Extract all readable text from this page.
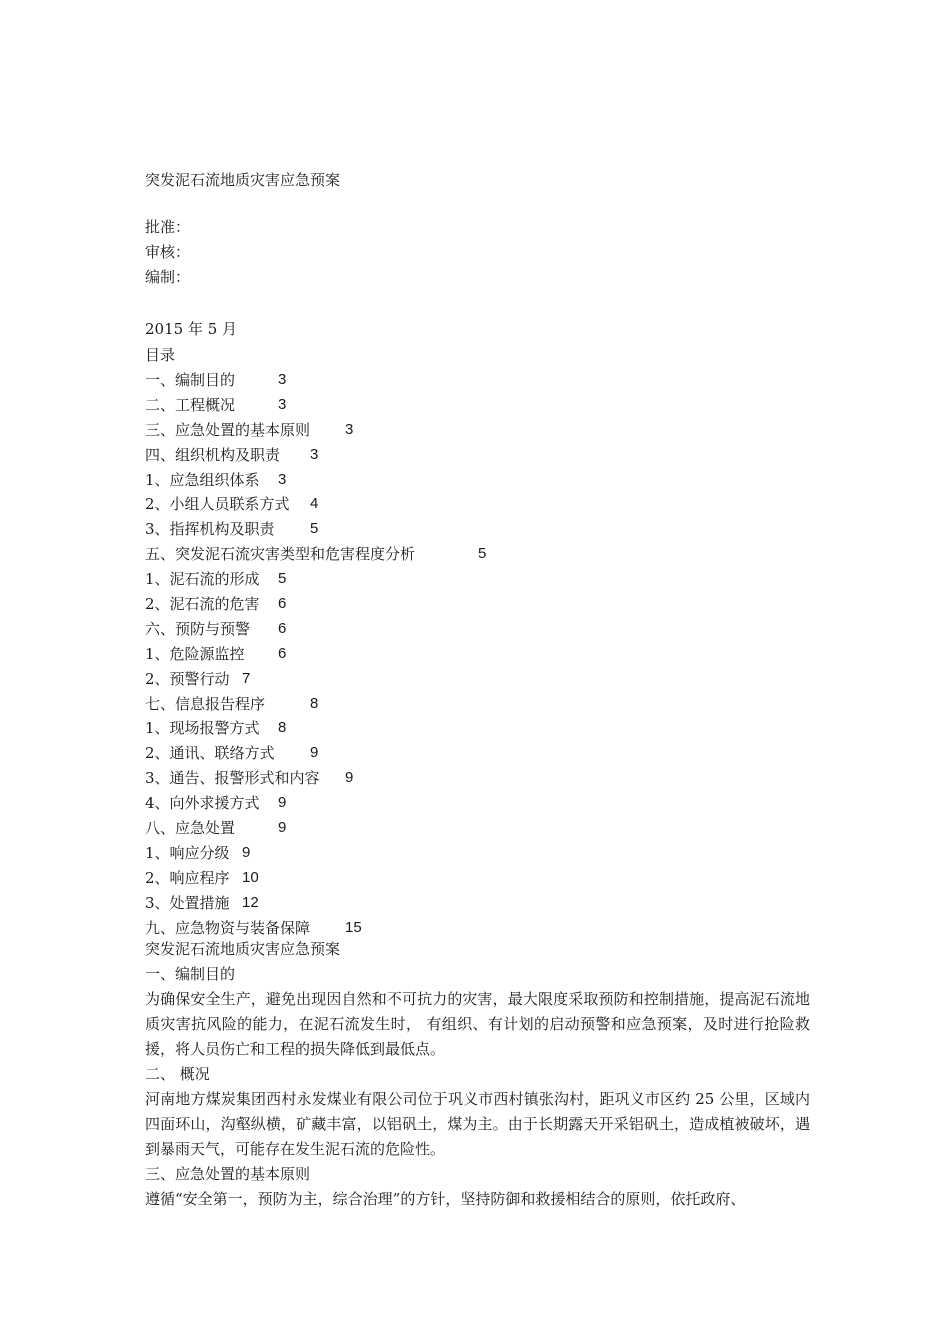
突发泥石流地质灾害应急预案
批准：
审核：
编制：
2015 年 5 月
目录
一、编制目的	3
二、工程概况	3
三、应急处置的基本原则	3
四、组织机构及职责	3
1、应急组织体系	3
2、小组人员联系方式	4
3、指挥机构及职责	5
五、突发泥石流灾害类型和危害程度分析	5
1、泥石流的形成	5
2、泥石流的危害	6
六、预防与预警	6
1、危险源监控	6
2、预警行动 7
七、信息报告程序	8
1、现场报警方式	8
2、通讯、联络方式	9
3、通告、报警形式和内容	9
4、向外求援方式	9
八、应急处置	9
1、响应分级 9
2、响应程序 10
3、处置措施 12
九、应急物资与装备保障	15
突发泥石流地质灾害应急预案
一、编制目的
为确保安全生产，避免出现因自然和不可抗力的灾害，最大限度采取预防和控制措施，提高泥石流地质灾害抗风险的能力，在泥石流发生时， 有组织、有计划的启动预警和应急预案，及时进行抢险救援，将人员伤亡和工程的损失降低到最低点。
二、 概况
河南地方煤炭集团西村永发煤业有限公司位于巩义市西村镇张沟村，距巩义市区约 25 公里，区域内四面环山，沟壑纵横，矿藏丰富，以铝矾土，煤为主。由于长期露天开采铝矾土，造成植被破坏，遇到暴雨天气，可能存在发生泥石流的危险性。
三、应急处置的基本原则
遵循“安全第一，预防为主，综合治理”的方针，坚持防御和救援相结合的原则，依托政府、
